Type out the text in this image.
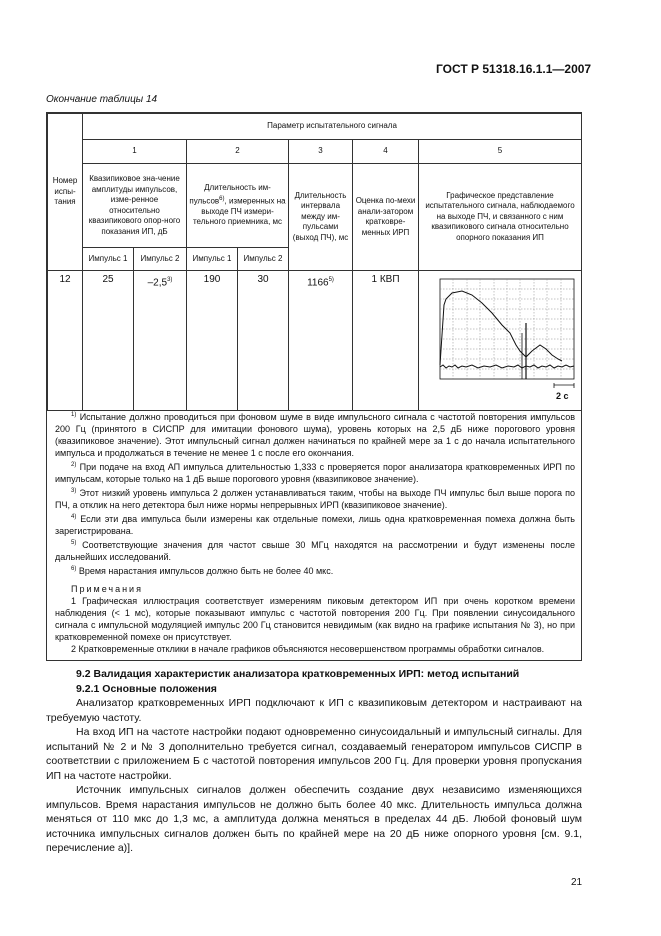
ГОСТ Р 51318.16.1.1—2007
Окончание таблицы 14
Номер испы-тания	Параметр испытательного сигнала						
	1		2		3	4	5
	Квазипиковое зна-чение амплитуды импульсов, изме-ренное относительно квазипикового опор-ного показания ИП, дБ		Длительность им-пульсов$^{6)}$, измеренных на выходе ПЧ измери-тельного приемника, мс		Длительность интервала между им-пульсами (выход ПЧ), мс	Оценка по-мехи анали-затором кратковре-менных ИРП	Графическое представление испытательного сигнала, наблюдаемого на выходе ПЧ, и связанного с ним квазипикового сигнала относительно опорного показания ИП
	Импульс 1	Импульс 2	Импульс 1	Импульс 2			
12	25	–2,5$^{3)}$	190	30	1166$^{5)}$	1 КВП	2 с

$^{1)}$ Испытание должно проводиться при фоновом шуме в виде импульсного сигнала с частотой повторения импульсов 200 Гц (принятого в СИСПР для имитации фонового шума), уровень которых на 2,5 дБ ниже порогового уровня (квазипиковое значение). Этот импульсный сигнал должен начинаться по крайней мере за 1 с до начала испытательного импульса и продолжаться в течение не менее 1 с после его окончания.

$^{2)}$ При подаче на вход АП импульса длительностью 1,333 с проверяется порог анализатора кратковременных ИРП по импульсам, которые только на 1 дБ выше порогового уровня (квазипиковое значение).

$^{3)}$ Этот низкий уровень импульса 2 должен устанавливаться таким, чтобы на выходе ПЧ импульс был выше порога по ПЧ, а отклик на него детектора был ниже нормы непрерывных ИРП (квазипиковое значение).

$^{4)}$ Если эти два импульса были измерены как отдельные помехи, лишь одна кратковременная помеха должна быть зарегистрирована.

$^{5)}$ Соответствующие значения для частот свыше 30 МГц находятся на рассмотрении и будут изменены после дальнейших исследований.

$^{6)}$ Время нарастания импульсов должно быть не более 40 мкс.

Примечания

1 Графическая иллюстрация соответствует измерениям пиковым детектором ИП при очень коротком времени наблюдения (< 1 мс), которые показывают импульс с частотой повторения 200 Гц. При появлении синусоидального сигнала с импульсной модуляцией импульс 200 Гц становится невидимым (как видно на графике испытания № 3), но при кратковременной помехе он присутствует.

2 Кратковременные отклики в начале графиков объясняются несовершенством программы обработки сигналов.

9.2 Валидация характеристик анализатора кратковременных ИРП: метод испытаний

9.2.1 Основные положения

Анализатор кратковременных ИРП подключают к ИП с квазипиковым детектором и настраивают на требуемую частоту.

На вход ИП на частоте настройки подают одновременно синусоидальный и импульсный сигналы. Для испытаний № 2 и № 3 дополнительно требуется сигнал, создаваемый генератором импульсов СИСПР в соответствии с приложением Б с частотой повторения импульсов 200 Гц. Для проверки уровня пропускания ИП на частоте настройки.

Источник импульсных сигналов должен обеспечить создание двух независимо изменяющихся импульсов. Время нарастания импульсов не должно быть более 40 мкс. Длительность импульса должна меняться от 110 мкс до 1,3 мс, а амплитуда должна меняться в пределах 44 дБ. Любой фоновый шум источника импульсных сигналов должен быть по крайней мере на 20 дБ ниже опорного уровня [см. 9.1, перечисление а)].

21
